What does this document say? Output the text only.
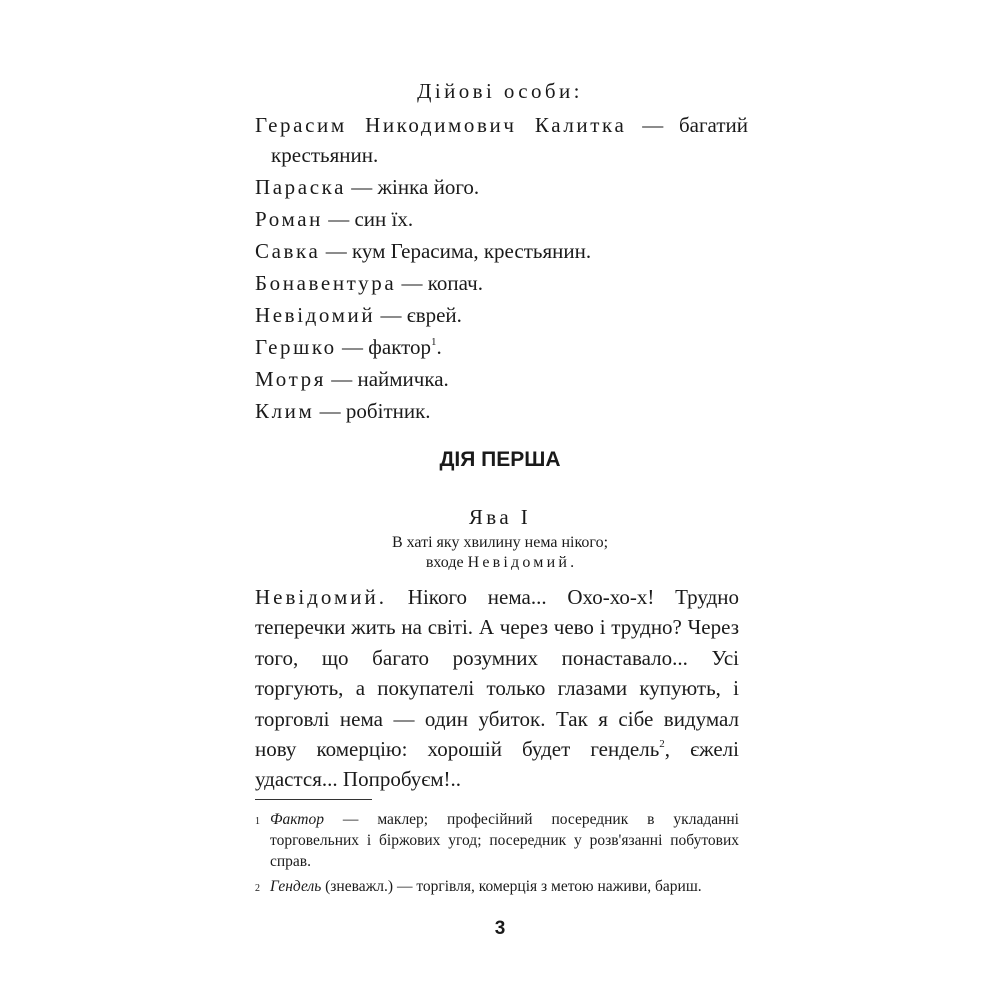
Дійові особи:
Герасим Никодимович Калитка — багатий
крестьянин.
Параска — жінка його.
Роман — син їх.
Савка — кум Герасима, крестьянин.
Бонавентура — копач.
Невідомий — єврей.
Гершко — фактор$^1$.
Мотря — наймичка.
Клим — робітник.
ДІЯ ПЕРША
Ява І
В хаті яку хвилину нема нікого;
входе Невідомий.

Невідомий. Нікого нема... Охо-хо-х! Трудно теперечки жить на світі. А через чево і трудно? Через того, що багато розумних понаставало... Усі торгують, а покупателі только глазами купують, і торговлі нема — один убиток. Так я сібе видумал нову комерцію: хорошій будет гендель$^2$, єжелі удастся... Попробуєм!..

1 Фактор — маклер; професійний посередник в укладанні торговельних і біржових угод; посередник у розв'язанні побутових справ.

2 Гендель (зневажл.) — торгівля, комерція з метою наживи, бариш.

3
